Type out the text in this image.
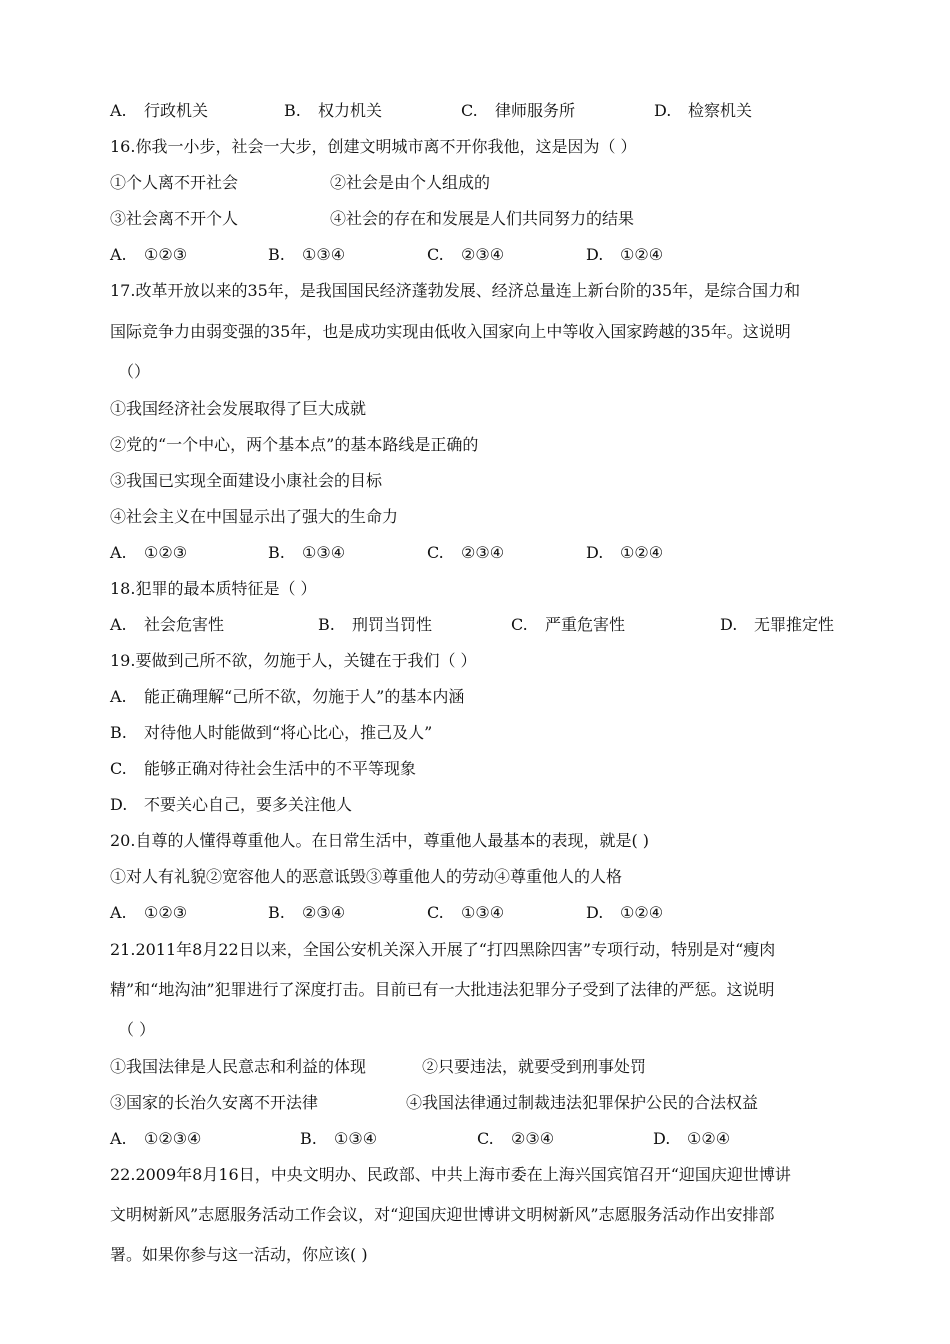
A. 行政机关	B. 权力机关	C. 律师服务所	D. 检察机关
16.你我一小步，社会一大步，创建文明城市离不开你我他，这是因为（ ）
①个人离不开社会	②社会是由个人组成的
③社会离不开个人	④社会的存在和发展是人们共同努力的结果
A. ①②③	B. ①③④	C. ②③④	D. ①②④
17.改革开放以来的35年，是我国国民经济蓬勃发展、经济总量连上新台阶的35年，是综合国力和
国际竞争力由弱变强的35年，也是成功实现由低收入国家向上中等收入国家跨越的35年。这说明
（）
①我国经济社会发展取得了巨大成就
②党的“一个中心，两个基本点”的基本路线是正确的
③我国已实现全面建设小康社会的目标
④社会主义在中国显示出了强大的生命力
A. ①②③	B. ①③④	C. ②③④	D. ①②④
18.犯罪的最本质特征是（ ）
A. 社会危害性	B. 刑罚当罚性	C. 严重危害性	D. 无罪推定性
19.要做到己所不欲，勿施于人，关键在于我们（ ）
A. 能正确理解“己所不欲，勿施于人”的基本内涵
B. 对待他人时能做到“将心比心，推己及人”
C. 能够正确对待社会生活中的不平等现象
D. 不要关心自己，要多关注他人
20.自尊的人懂得尊重他人。在日常生活中，尊重他人最基本的表现，就是( )
①对人有礼貌②宽容他人的恶意诋毁③尊重他人的劳动④尊重他人的人格
A. ①②③	B. ②③④	C. ①③④	D. ①②④
21.2011年8月22日以来，全国公安机关深入开展了“打四黑除四害”专项行动，特别是对“瘦肉
精”和“地沟油”犯罪进行了深度打击。目前已有一大批违法犯罪分子受到了法律的严惩。这说明
（ ）
①我国法律是人民意志和利益的体现	②只要违法，就要受到刑事处罚
③国家的长治久安离不开法律	④我国法律通过制裁违法犯罪保护公民的合法权益
A. ①②③④	B. ①③④	C. ②③④	D. ①②④
22.2009年8月16日，中央文明办、民政部、中共上海市委在上海兴国宾馆召开“迎国庆迎世博讲
文明树新风”志愿服务活动工作会议，对“迎国庆迎世博讲文明树新风”志愿服务活动作出安排部
署。如果你参与这一活动，你应该( )
